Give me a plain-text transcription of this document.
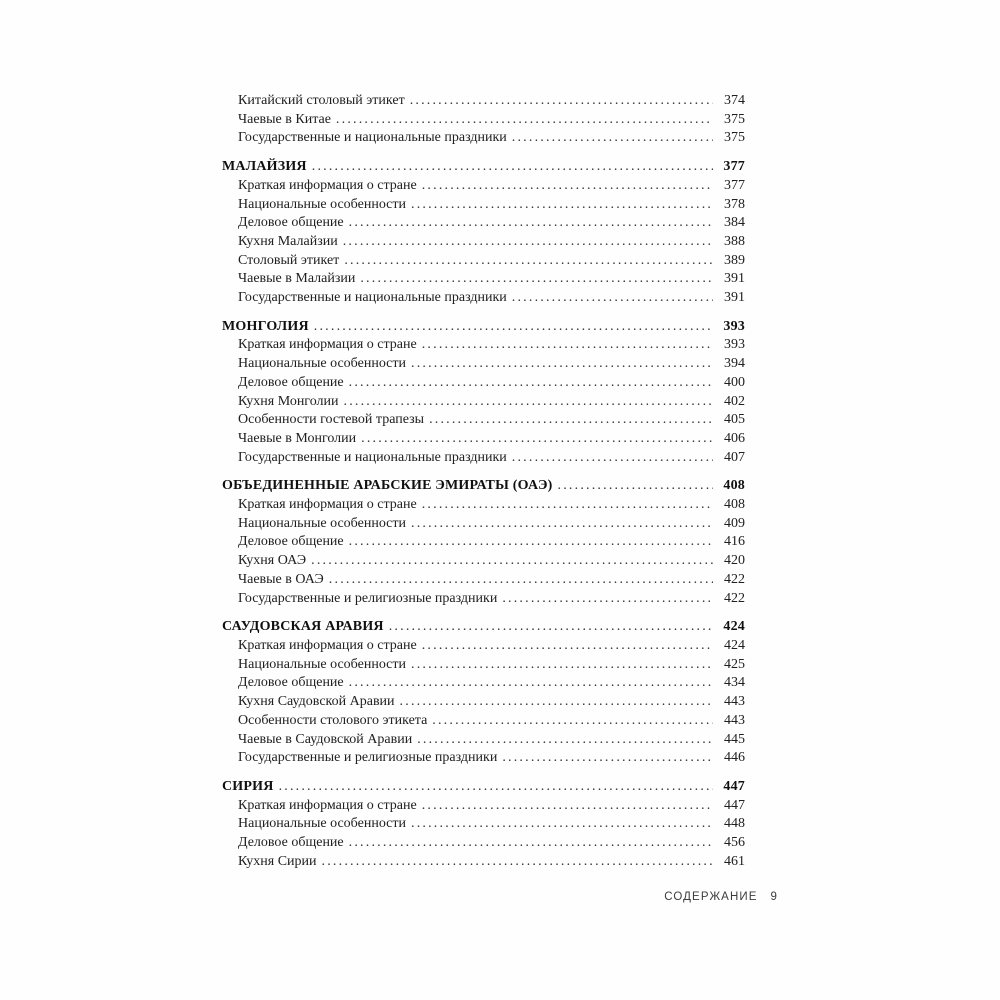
Китайский столовый этикет .....	374
Чаевые в Китае .....	375
Государственные и национальные праздники .....	375
МАЛАЙЗИЯ .....	377
Краткая информация о стране .....	377
Национальные особенности .....	378
Деловое общение .....	384
Кухня Малайзии .....	388
Столовый этикет .....	389
Чаевые в Малайзии .....	391
Государственные и национальные праздники .....	391
МОНГОЛИЯ .....	393
Краткая информация о стране .....	393
Национальные особенности .....	394
Деловое общение .....	400
Кухня Монголии .....	402
Особенности гостевой трапезы .....	405
Чаевые в Монголии .....	406
Государственные и национальные праздники .....	407
ОБЪЕДИНЕННЫЕ АРАБСКИЕ ЭМИРАТЫ (ОАЭ) .....	408
Краткая информация о стране .....	408
Национальные особенности .....	409
Деловое общение .....	416
Кухня ОАЭ .....	420
Чаевые в ОАЭ .....	422
Государственные и религиозные праздники .....	422
САУДОВСКАЯ АРАВИЯ .....	424
Краткая информация о стране .....	424
Национальные особенности .....	425
Деловое общение .....	434
Кухня Саудовской Аравии .....	443
Особенности столового этикета .....	443
Чаевые в Саудовской Аравии .....	445
Государственные и религиозные праздники .....	446
СИРИЯ .....	447
Краткая информация о стране .....	447
Национальные особенности .....	448
Деловое общение .....	456
Кухня Сирии .....	461
СОДЕРЖАНИЕ 9
